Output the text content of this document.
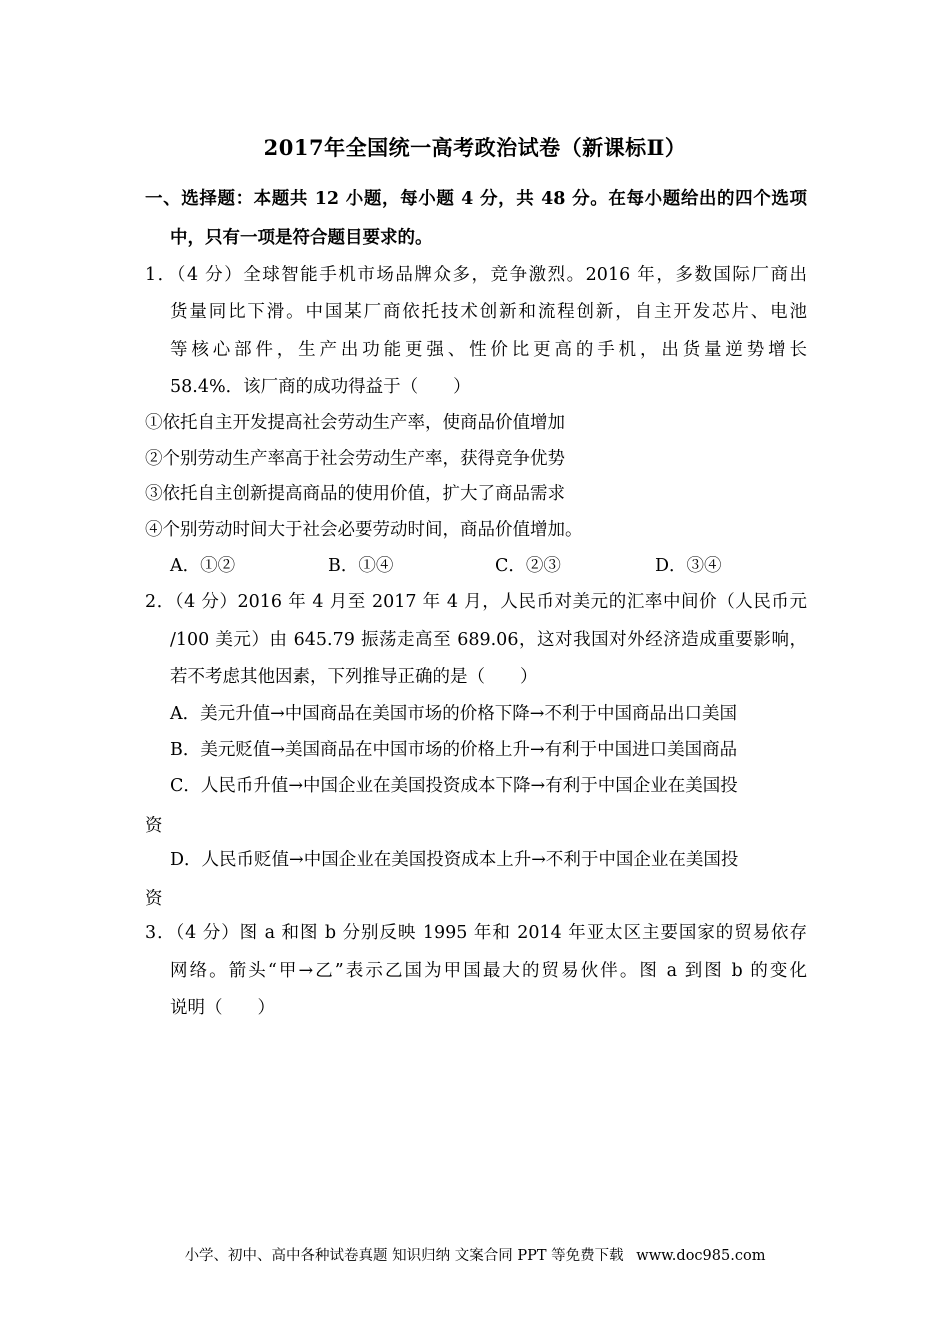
2017年全国统一高考政治试卷（新课标Ⅱ）
一、选择题：本题共 12 小题，每小题 4 分，共 48 分。在每小题给出的四个选项
中，只有一项是符合题目要求的。
1．（4 分）全球智能手机市场品牌众多，竞争激烈。2016 年，多数国际厂商出
货量同比下滑。中国某厂商依托技术创新和流程创新，自主开发芯片、电池
等核心部件，生产出功能更强、性价比更高的手机，出货量逆势增长
58.4%．该厂商的成功得益于（　　）
①依托自主开发提高社会劳动生产率，使商品价值增加
②个别劳动生产率高于社会劳动生产率，获得竞争优势
③依托自主创新提高商品的使用价值，扩大了商品需求
④个别劳动时间大于社会必要劳动时间，商品价值增加。
A．①②	B．①④	C．②③	D．③④
2．（4 分）2016 年 4 月至 2017 年 4 月，人民币对美元的汇率中间价（人民币元
/100 美元）由 645.79 振荡走高至 689.06，这对我国对外经济造成重要影响，
若不考虑其他因素，下列推导正确的是（　　）
A．美元升值→中国商品在美国市场的价格下降→不利于中国商品出口美国
B．美元贬值→美国商品在中国市场的价格上升→有利于中国进口美国商品
C．人民币升值→中国企业在美国投资成本下降→有利于中国企业在美国投
资
D．人民币贬值→中国企业在美国投资成本上升→不利于中国企业在美国投
资
3．（4 分）图 a 和图 b 分别反映 1995 年和 2014 年亚太区主要国家的贸易依存
网络。箭头“甲→乙”表示乙国为甲国最大的贸易伙伴。图 a 到图 b 的变化
说明（　　）
小学、初中、高中各种试卷真题 知识归纳 文案合同 PPT 等免费下载 www.doc985.com
